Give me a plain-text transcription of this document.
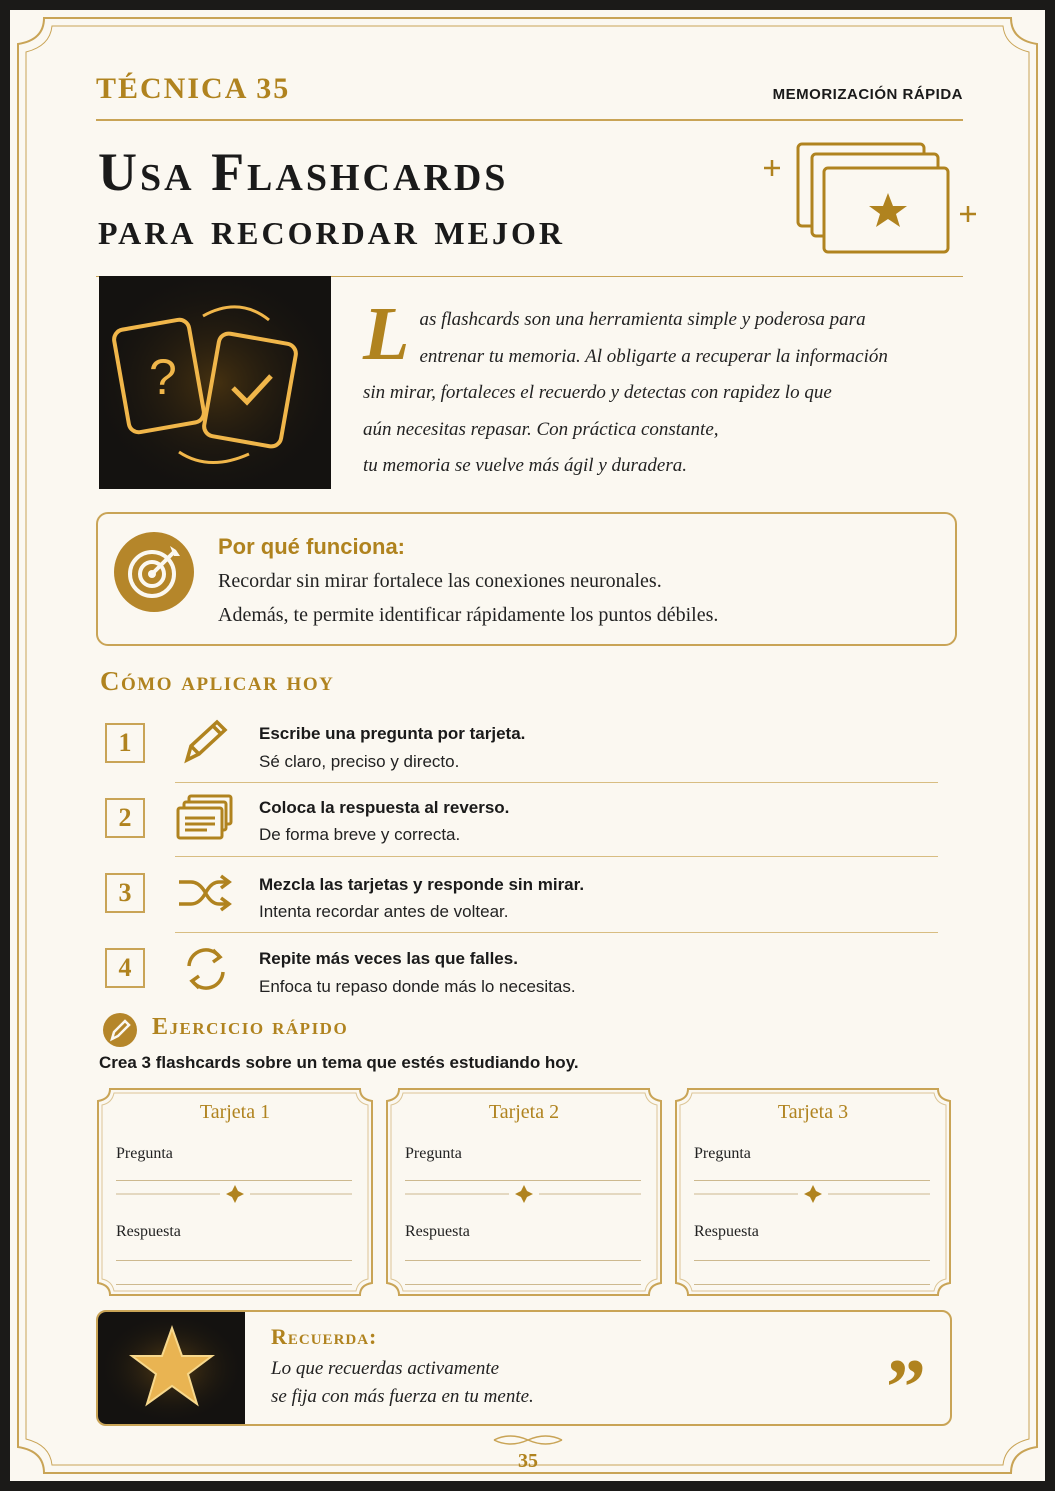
TÉCNICA 35	MEMORIZACIÓN RÁPIDA
Usa Flashcards
para recordar mejor
?
L as flashcards son una herramienta simple y poderosa para
entrenar tu memoria. Al obligarte a recuperar la información
sin mirar, fortaleces el recuerdo y detectas con rapidez lo que
aún necesitas repasar. Con práctica constante,
tu memoria se vuelve más ágil y duradera.
Por qué funciona:
Recordar sin mirar fortalece las conexiones neuronales.
Además, te permite identificar rápidamente los puntos débiles.
Cómo aplicar hoy
1	Escribe una pregunta por tarjeta.
Sé claro, preciso y directo.
2	Coloca la respuesta al reverso.
De forma breve y correcta.
3	Mezcla las tarjetas y responde sin mirar.
Intenta recordar antes de voltear.
4	Repite más veces las que falles.
Enfoca tu repaso donde más lo necesitas.
Ejercicio rápido
Crea 3 flashcards sobre un tema que estés estudiando hoy.
Tarjeta 1
Pregunta
Respuesta
Tarjeta 2
Pregunta
Respuesta
Tarjeta 3
Pregunta
Respuesta
Recuerda:
Lo que recuerdas activamente
se fija con más fuerza en tu mente.	”
35
